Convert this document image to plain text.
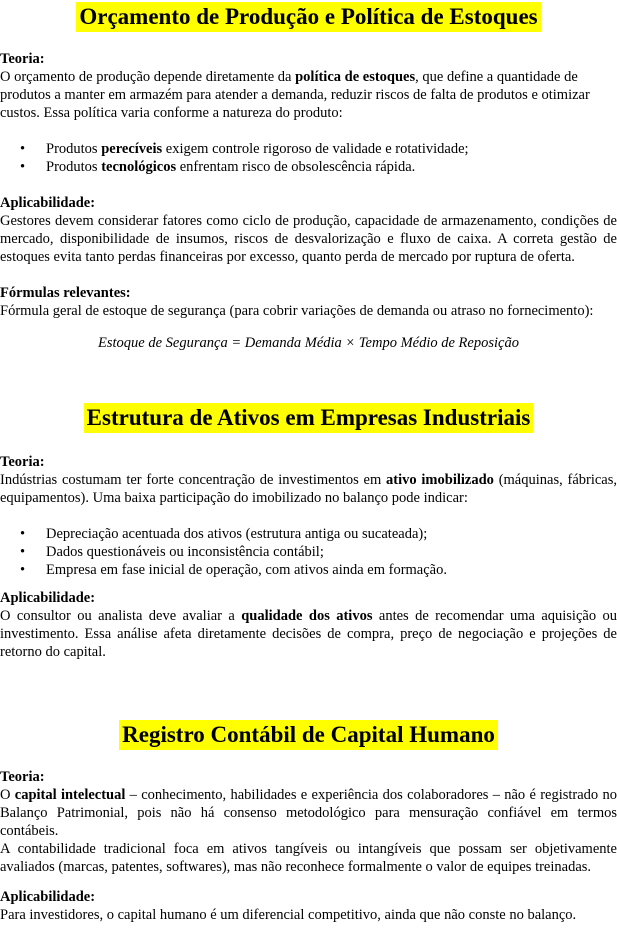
Orçamento de Produção e Política de Estoques

Teoria:

O orçamento de produção depende diretamente da política de estoques, que define a quantidade de produtos a manter em armazém para atender a demanda, reduzir riscos de falta de produtos e otimizar custos. Essa política varia conforme a natureza do produto:

• Produtos perecíveis exigem controle rigoroso de validade e rotatividade;
• Produtos tecnológicos enfrentam risco de obsolescência rápida.

Aplicabilidade:

Gestores devem considerar fatores como ciclo de produção, capacidade de armazenamento, condições de mercado, disponibilidade de insumos, riscos de desvalorização e fluxo de caixa. A correta gestão de estoques evita tanto perdas financeiras por excesso, quanto perda de mercado por ruptura de oferta.

Fórmulas relevantes:

Fórmula geral de estoque de segurança (para cobrir variações de demanda ou atraso no fornecimento):

Estoque de Segurança = Demanda Média × Tempo Médio de Reposição

Estrutura de Ativos em Empresas Industriais

Teoria:

Indústrias costumam ter forte concentração de investimentos em ativo imobilizado (máquinas, fábricas, equipamentos). Uma baixa participação do imobilizado no balanço pode indicar:

• Depreciação acentuada dos ativos (estrutura antiga ou sucateada);
• Dados questionáveis ou inconsistência contábil;
• Empresa em fase inicial de operação, com ativos ainda em formação.

Aplicabilidade:

O consultor ou analista deve avaliar a qualidade dos ativos antes de recomendar uma aquisição ou investimento. Essa análise afeta diretamente decisões de compra, preço de negociação e projeções de retorno do capital.

Registro Contábil de Capital Humano

Teoria:

O capital intelectual – conhecimento, habilidades e experiência dos colaboradores – não é registrado no Balanço Patrimonial, pois não há consenso metodológico para mensuração confiável em termos contábeis.

A contabilidade tradicional foca em ativos tangíveis ou intangíveis que possam ser objetivamente avaliados (marcas, patentes, softwares), mas não reconhece formalmente o valor de equipes treinadas.

Aplicabilidade:

Para investidores, o capital humano é um diferencial competitivo, ainda que não conste no balanço.
